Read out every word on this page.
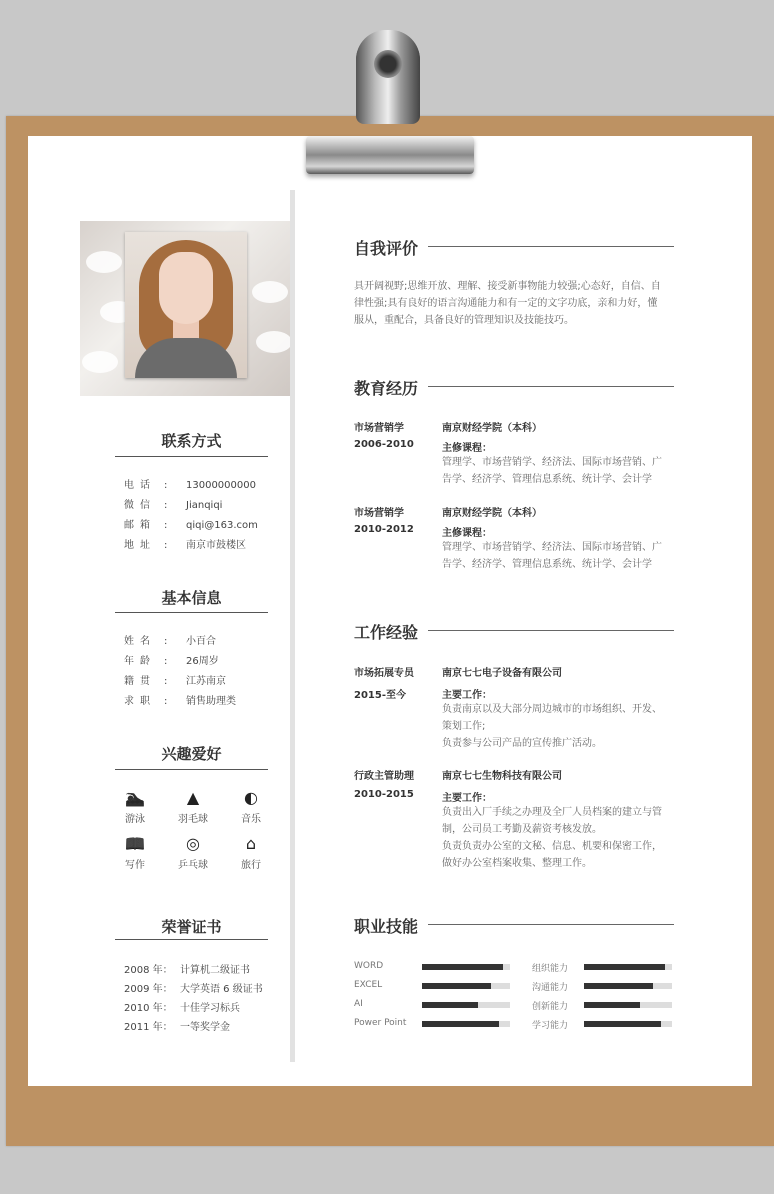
联系方式
电话 : 13000000000
微信 : Jianqiqi
邮箱 : qiqi@163.com
地址 : 南京市鼓楼区
基本信息
姓名 : 小百合
年龄 : 26周岁
籍贯 : 江苏南京
求职 : 销售助理类
兴趣爱好
🏊
游泳
▲
羽毛球
◐
音乐
📖
写作
◎
乒乓球
⌂
旅行
荣誉证书
2008 年： 计算机二级证书
2009 年： 大学英语 6 级证书
2010 年： 十佳学习标兵
2011 年： 一等奖学金
自我评价
具开阔视野;思维开放、理解、接受新事物能力较强;心态好，自信、自律性强;具有良好的语言沟通能力和有一定的文字功底，亲和力好，懂服从，重配合，具备良好的管理知识及技能技巧。
教育经历
市场营销学
2006-2010
南京财经学院（本科）
主修课程：
管理学、市场营销学、经济法、国际市场营销、广告学、经济学、管理信息系统、统计学、会计学
市场营销学
2010-2012
南京财经学院（本科）
主修课程：
管理学、市场营销学、经济法、国际市场营销、广告学、经济学、管理信息系统、统计学、会计学
工作经验
市场拓展专员
2015-至今
南京七七电子设备有限公司
主要工作：
负责南京以及大部分周边城市的市场组织、开发、策划工作;
负责参与公司产品的宣传推广活动。
行政主管助理
2010-2015
南京七七生物科技有限公司
主要工作：
负责出入厂手续之办理及全厂人员档案的建立与管制，公司员工考勤及薪资考核发放。
负责负责办公室的文秘、信息、机要和保密工作，做好办公室档案收集、整理工作。
职业技能
WORD
EXCEL
AI
Power Point
组织能力
沟通能力
创新能力
学习能力
